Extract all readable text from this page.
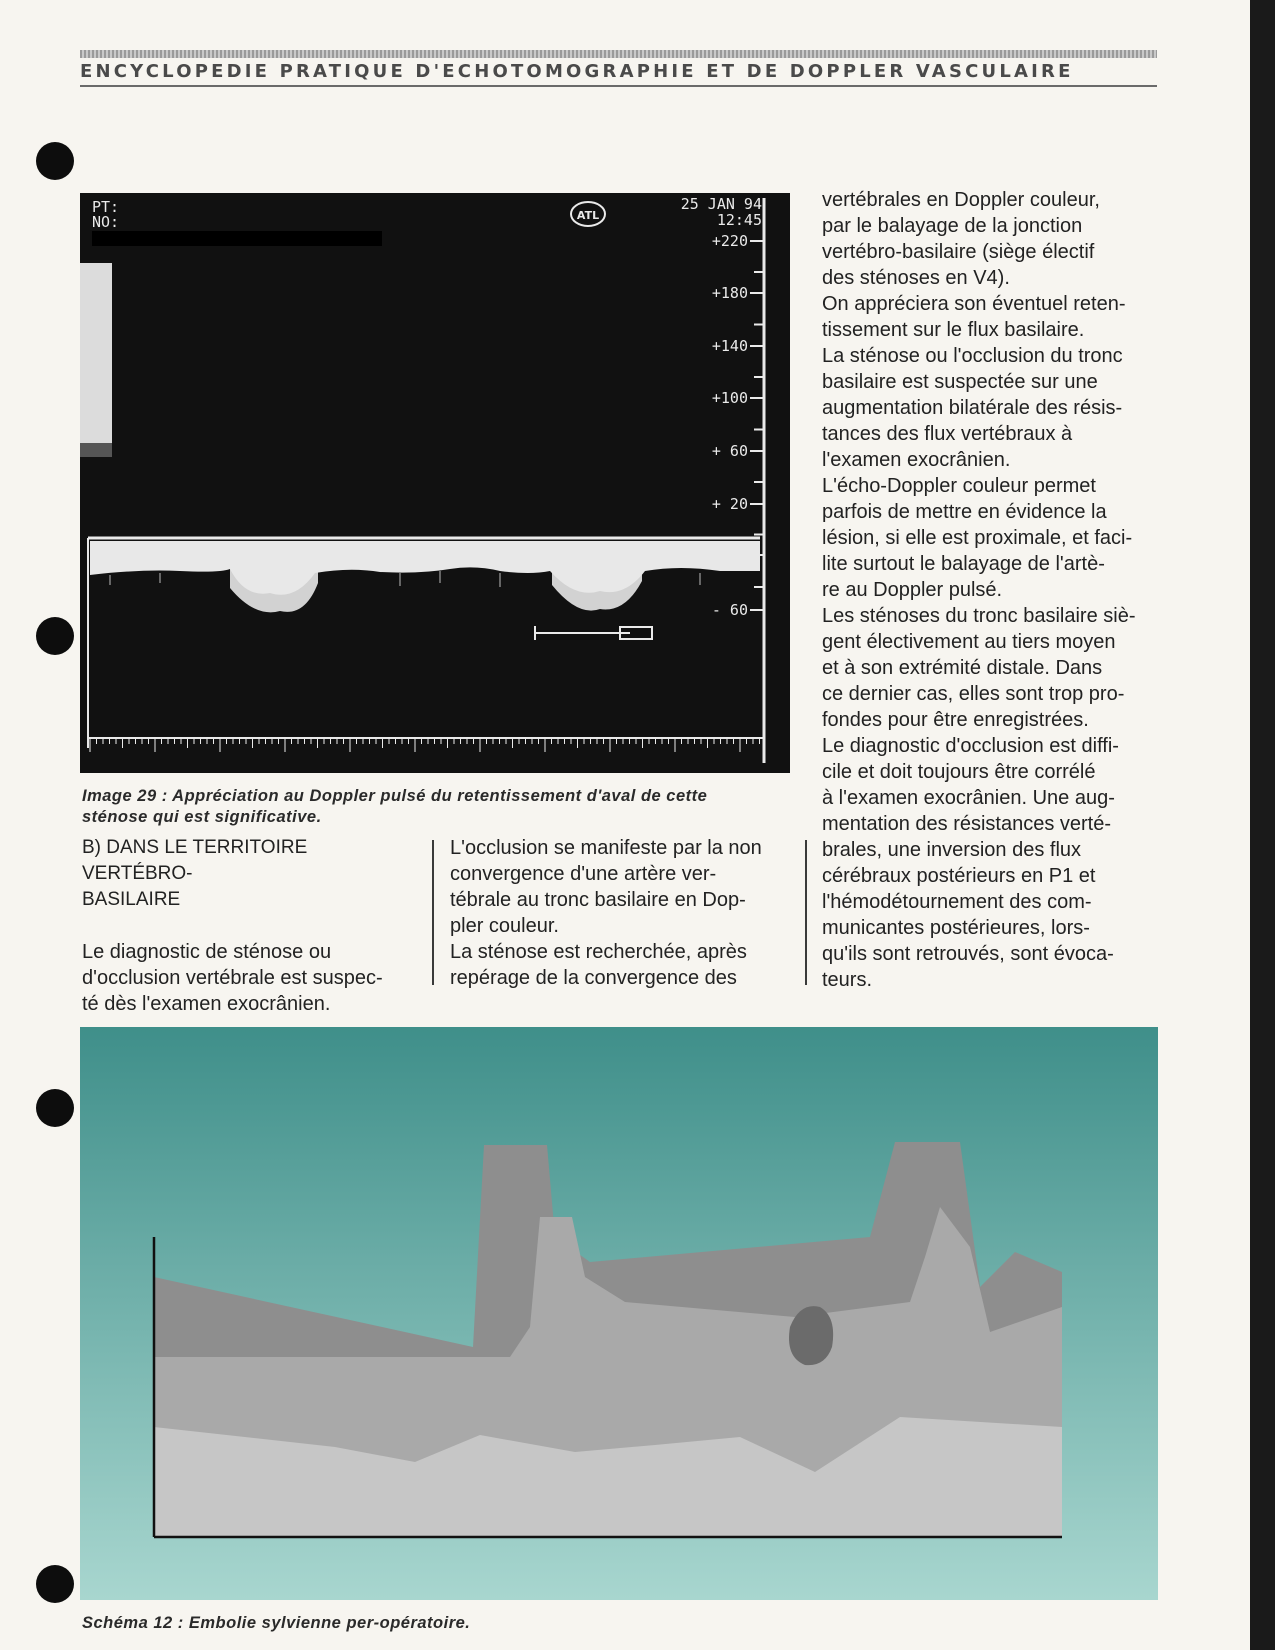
ENCYCLOPEDIE PRATIQUE D'ECHOTOMOGRAPHIE ET DE DOPPLER VASCULAIRE
PT:
NO:	ATL
25 JAN 94
12:45
+220
+180
+140
+100
+ 60
+ 20
- 60
Image 29 : Appréciation au Doppler pulsé du retentissement d'aval de cette
sténose qui est significative.

B) DANS LE TERRITOIRE VERTÉBRO-

BASILAIRE

Le diagnostic de sténose ou

d'occlusion vertébrale est suspec-

té dès l'examen exocrânien.

L'occlusion se manifeste par la non

convergence d'une artère ver-

tébrale au tronc basilaire en Dop-

pler couleur.

La sténose est recherchée, après

repérage de la convergence des

vertébrales en Doppler couleur,

par le balayage de la jonction

vertébro-basilaire (siège électif

des sténoses en V4).

On appréciera son éventuel reten-

tissement sur le flux basilaire.

La sténose ou l'occlusion du tronc

basilaire est suspectée sur une

augmentation bilatérale des résis-

tances des flux vertébraux à

l'examen exocrânien.

L'écho-Doppler couleur permet

parfois de mettre en évidence la

lésion, si elle est proximale, et faci-

lite surtout le balayage de l'artè-

re au Doppler pulsé.

Les sténoses du tronc basilaire siè-

gent électivement au tiers moyen

et à son extrémité distale. Dans

ce dernier cas, elles sont trop pro-

fondes pour être enregistrées.

Le diagnostic d'occlusion est diffi-

cile et doit toujours être corrélé

à l'examen exocrânien. Une aug-

mentation des résistances verté-

brales, une inversion des flux

cérébraux postérieurs en P1 et

l'hémodétournement des com-

municantes postérieures, lors-

qu'ils sont retrouvés, sont évoca-

teurs.

Schéma 12 : Embolie sylvienne per-opératoire.
